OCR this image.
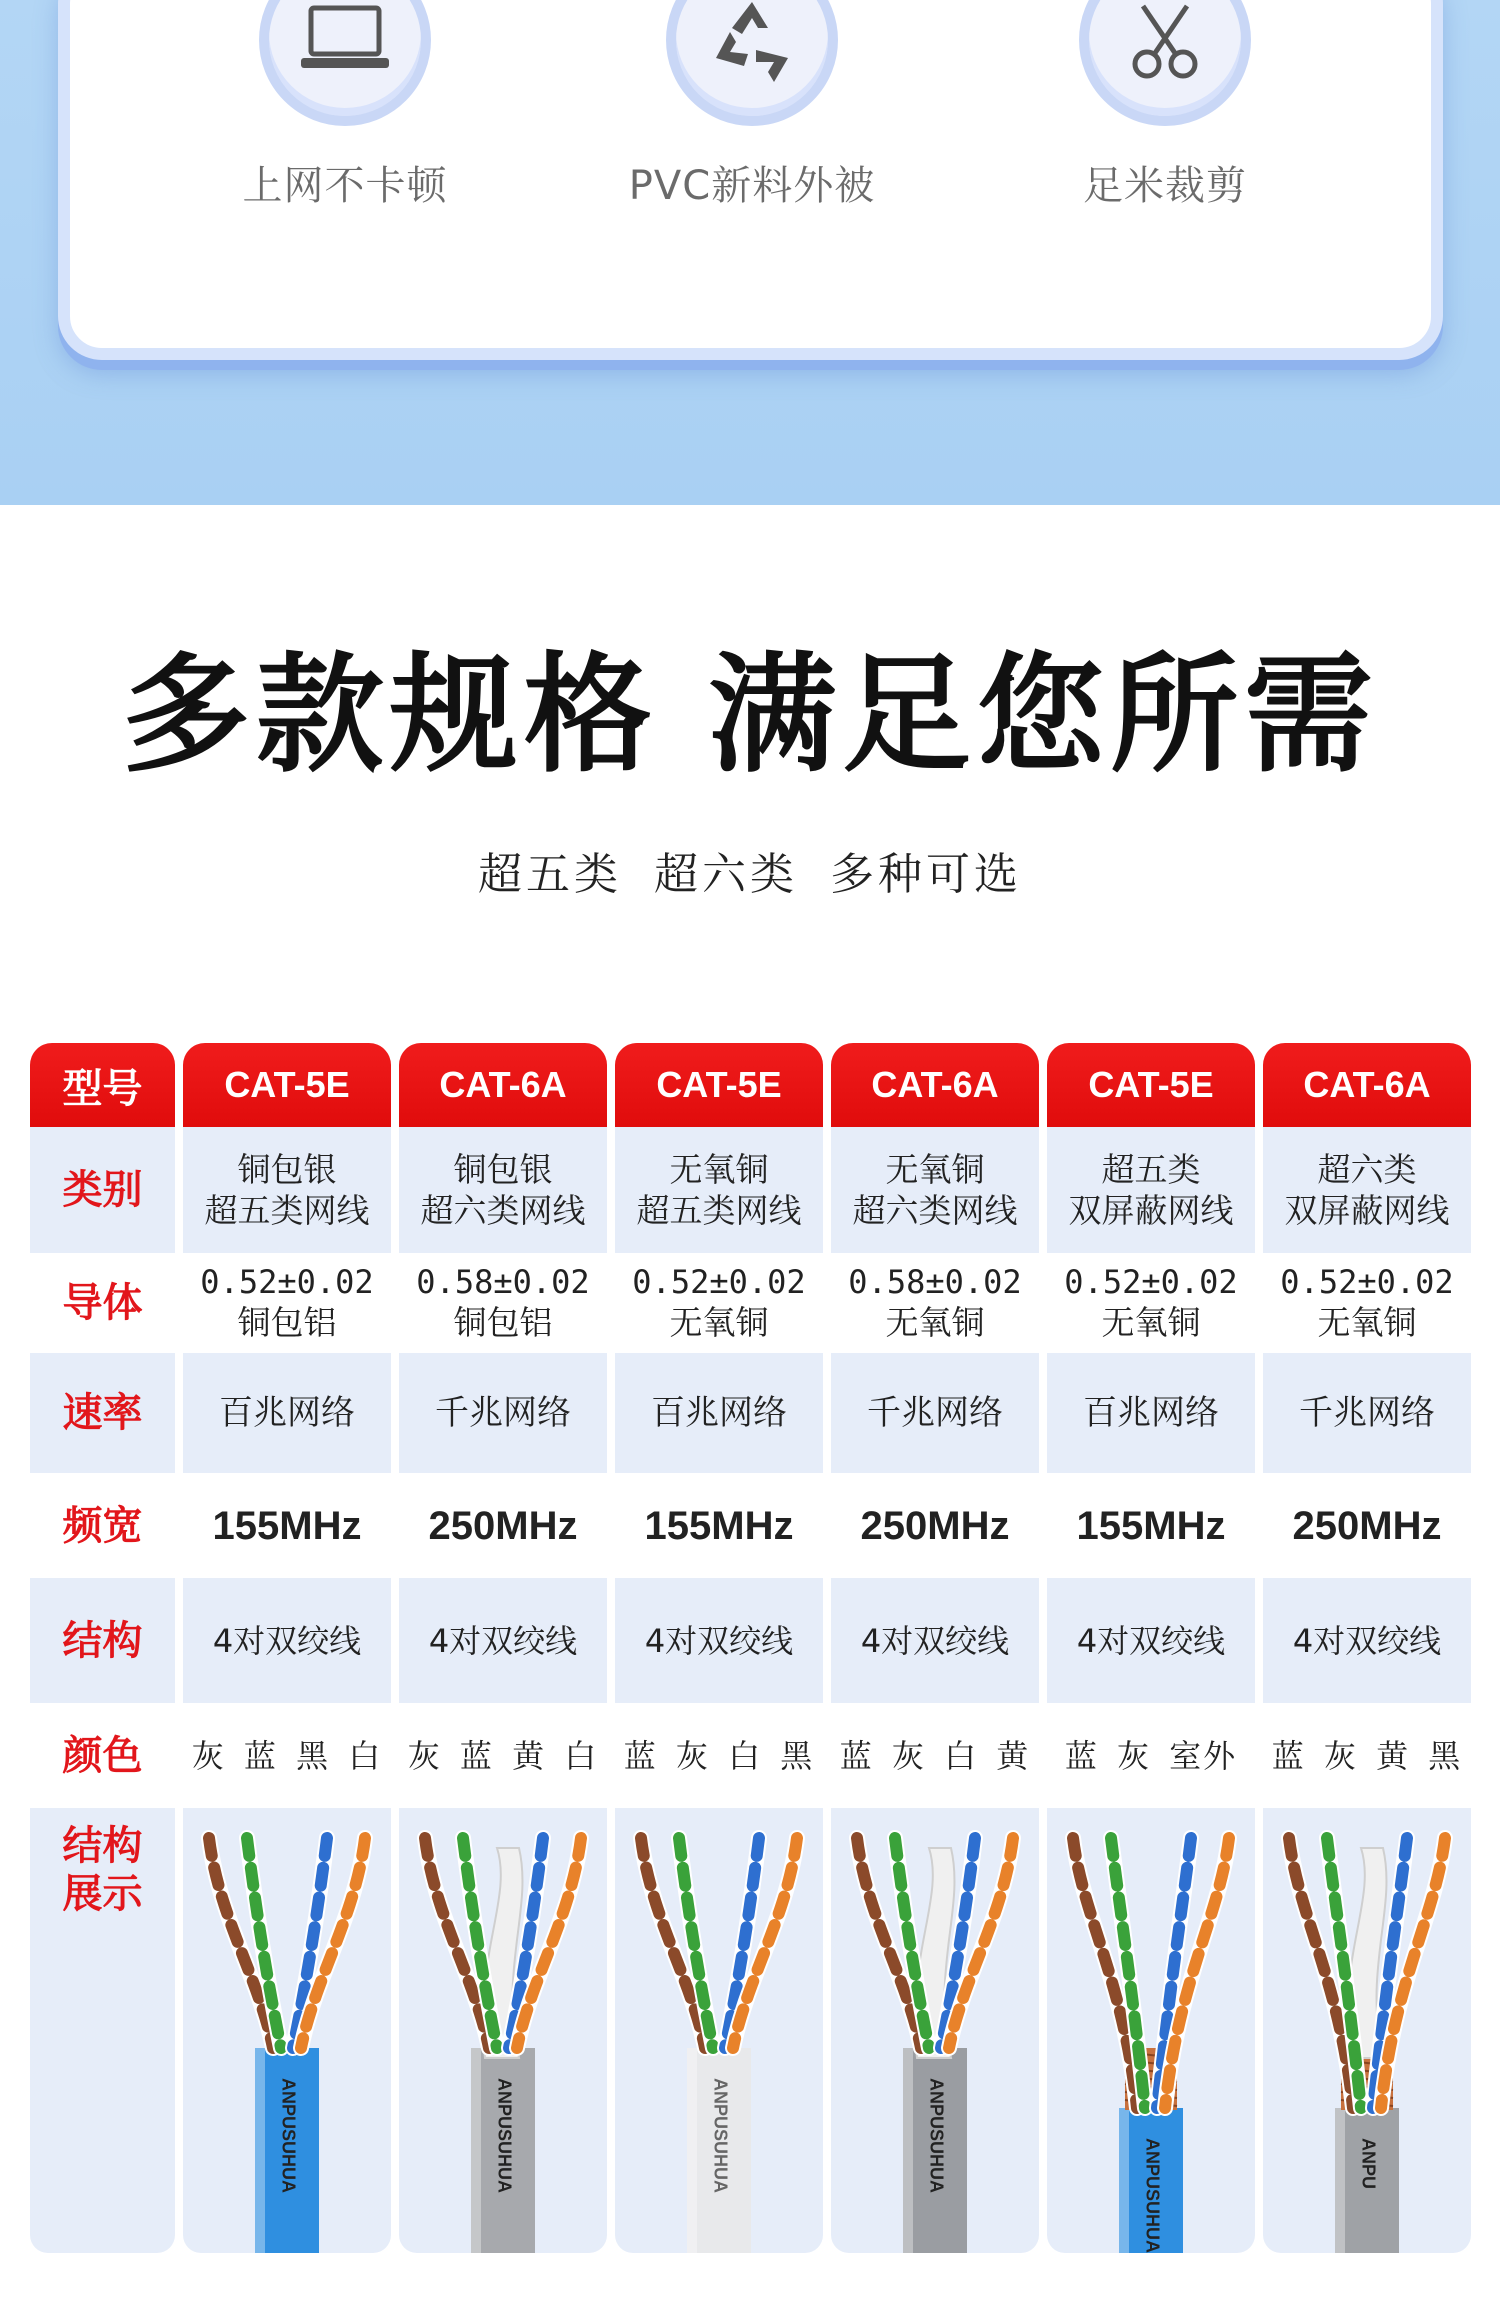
上网不卡顿	PVC新料外被	足米裁剪
多款规格 满足您所需
超五类 超六类 多种可选
型号
类别
导体
速率
频宽
结构
颜色
结构
展示
CAT-5E
铜包银
超五类网线
0.52±0.02
铜包铝
百兆网络
155MHz
4对双绞线
灰 蓝 黑 白
ANPUSUHUA
CAT-6A
铜包银
超六类网线
0.58±0.02
铜包铝
千兆网络
250MHz
4对双绞线
灰 蓝 黄 白
ANPUSUHUA
CAT-5E
无氧铜
超五类网线
0.52±0.02
无氧铜
百兆网络
155MHz
4对双绞线
蓝 灰 白 黑
ANPUSUHUA
CAT-6A
无氧铜
超六类网线
0.58±0.02
无氧铜
千兆网络
250MHz
4对双绞线
蓝 灰 白 黄
ANPUSUHUA
CAT-5E
超五类
双屏蔽网线
0.52±0.02
无氧铜
百兆网络
155MHz
4对双绞线
蓝 灰 室外
ANPUSUHUA
CAT-6A
超六类
双屏蔽网线
0.52±0.02
无氧铜
千兆网络
250MHz
4对双绞线
蓝 灰 黄 黑
ANPU
